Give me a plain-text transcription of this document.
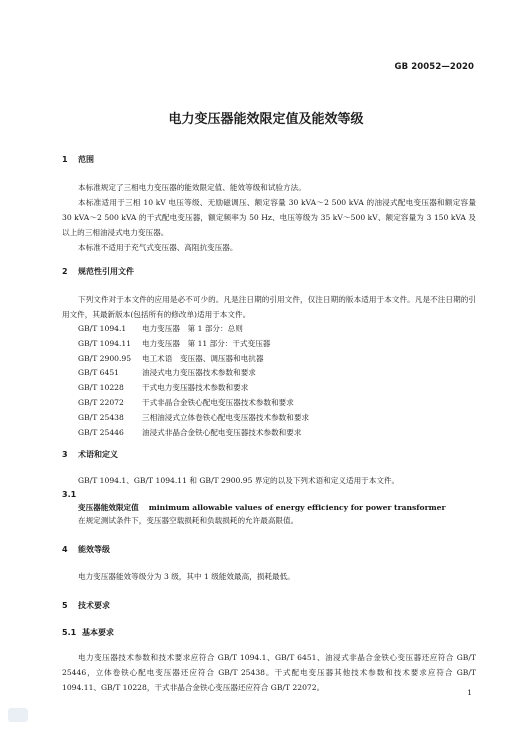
GB 20052—2020
电力变压器能效限定值及能效等级
1 范围
本标准规定了三相电力变压器的能效限定值、能效等级和试验方法。
本标准适用于三相 10 kV 电压等级、无励磁调压、额定容量 30 kVA～2 500 kVA 的油浸式配电变压器和额定容量 30 kVA～2 500 kVA 的干式配电变压器，额定频率为 50 Hz、电压等级为 35 kV～500 kV、额定容量为 3 150 kVA 及以上的三相油浸式电力变压器。
本标准不适用于充气式变压器、高阻抗变压器。
2 规范性引用文件
下列文件对于本文件的应用是必不可少的。凡是注日期的引用文件，仅注日期的版本适用于本文件。凡是不注日期的引用文件，其最新版本(包括所有的修改单)适用于本文件。
GB/T 1094.1 电力变压器　第 1 部分：总则
GB/T 1094.11 电力变压器　第 11 部分：干式变压器
GB/T 2900.95 电工术语　变压器、调压器和电抗器
GB/T 6451	油浸式电力变压器技术参数和要求
GB/T 10228 干式电力变压器技术参数和要求
GB/T 22072 干式非晶合金铁心配电变压器技术参数和要求
GB/T 25438 三相油浸式立体卷铁心配电变压器技术参数和要求
GB/T 25446 油浸式非晶合金铁心配电变压器技术参数和要求
3 术语和定义
GB/T 1094.1、GB/T 1094.11 和 GB/T 2900.95 界定的以及下列术语和定义适用于本文件。
3.1
变压器能效限定值 minimum allowable values of energy efficiency for power transformer
在规定测试条件下，变压器空载损耗和负载损耗的允许最高限值。
4 能效等级
电力变压器能效等级分为 3 级，其中 1 级能效最高，损耗最低。
5 技术要求
5.1 基本要求
电力变压器技术参数和技术要求应符合 GB/T 1094.1、GB/T 6451、油浸式非晶合金铁心变压器还应符合 GB/T 25446，立体卷铁心配电变压器还应符合 GB/T 25438。干式配电变压器其他技术参数和技术要求应符合 GB/T 1094.11、GB/T 10228，干式非晶合金铁心变压器还应符合 GB/T 22072。
1
